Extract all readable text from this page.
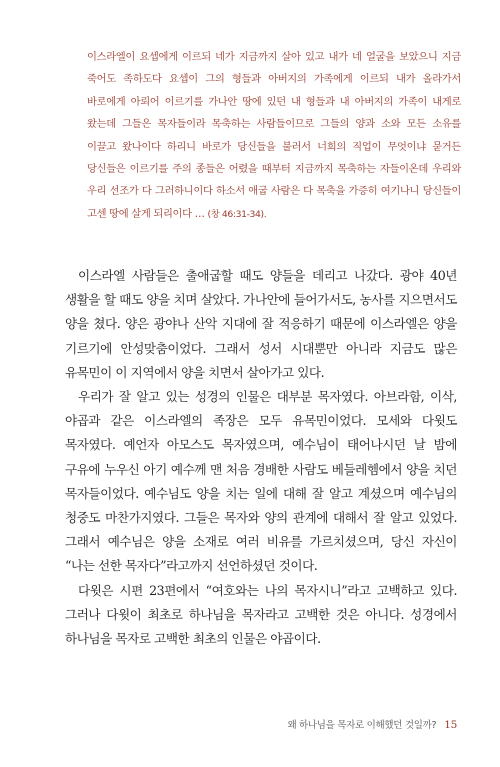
이스라엘이 요셉에게 이르되 네가 지금까지 살아 있고 내가 네 얼굴을 보았으니 지금 죽어도 족하도다 요셉이 그의 형들과 아버지의 가족에게 이르되 내가 올라가서 바로에게 아뢰어 이르기를 가나안 땅에 있던 내 형들과 내 아버지의 가족이 내게로 왔는데 그들은 목자들이라 목축하는 사람들이므로 그들의 양과 소와 모든 소유를 이끌고 왔나이다 하리니 바로가 당신들을 불러서 너희의 직업이 무엇이냐 묻거든 당신들은 이르기를 주의 종들은 어렸을 때부터 지금까지 목축하는 자들이온데 우리와 우리 선조가 다 그러하니이다 하소서 애굽 사람은 다 목축을 가증히 여기나니 당신들이 고센 땅에 살게 되리이다 … (창 46:31-34).

이스라엘 사람들은 출애굽할 때도 양들을 데리고 나갔다. 광야 40년 생활을 할 때도 양을 치며 살았다. 가나안에 들어가서도, 농사를 지으면서도 양을 쳤다. 양은 광야나 산악 지대에 잘 적응하기 때문에 이스라엘은 양을 기르기에 안성맞춤이었다. 그래서 성서 시대뿐만 아니라 지금도 많은 유목민이 이 지역에서 양을 치면서 살아가고 있다.

우리가 잘 알고 있는 성경의 인물은 대부분 목자였다. 아브라함, 이삭, 야곱과 같은 이스라엘의 족장은 모두 유목민이었다. 모세와 다윗도 목자였다. 예언자 아모스도 목자였으며, 예수님이 태어나시던 날 밤에 구유에 누우신 아기 예수께 맨 처음 경배한 사람도 베들레헴에서 양을 치던 목자들이었다. 예수님도 양을 치는 일에 대해 잘 알고 계셨으며 예수님의 청중도 마찬가지였다. 그들은 목자와 양의 관계에 대해서 잘 알고 있었다. 그래서 예수님은 양을 소재로 여러 비유를 가르치셨으며, 당신 자신이 “나는 선한 목자다”라고까지 선언하셨던 것이다.

다윗은 시편 23편에서 “여호와는 나의 목자시니”라고 고백하고 있다. 그러나 다윗이 최초로 하나님을 목자라고 고백한 것은 아니다. 성경에서 하나님을 목자로 고백한 최초의 인물은 야곱이다.

왜 하나님을 목자로 이해했던 것일까? 15
